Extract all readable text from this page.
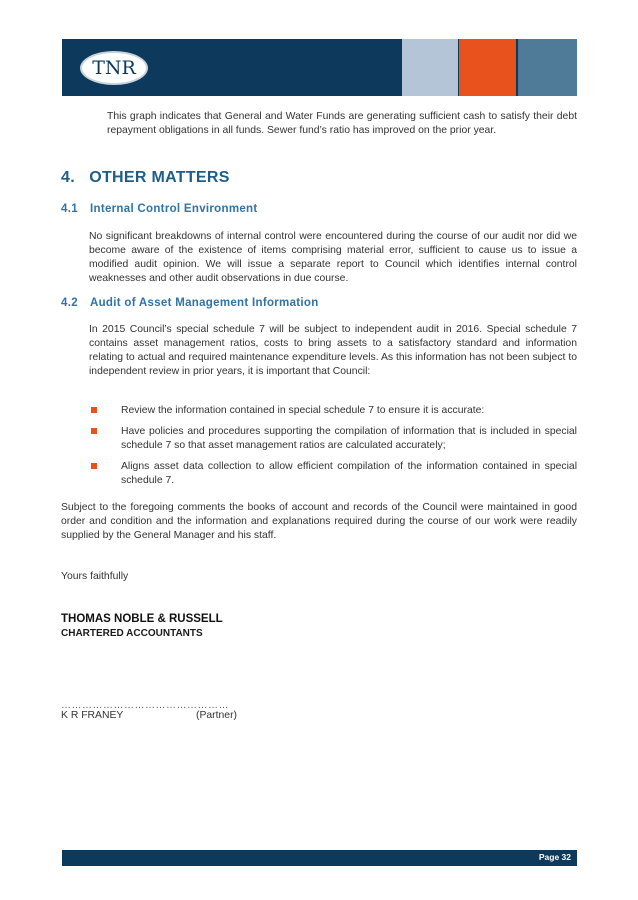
TNR

This graph indicates that General and Water Funds are generating sufficient cash to satisfy their debt repayment obligations in all funds. Sewer fund’s ratio has improved on the prior year.

4. OTHER MATTERS
4.1 Internal Control Environment

No significant breakdowns of internal control were encountered during the course of our audit nor did we become aware of the existence of items comprising material error, sufficient to cause us to issue a modified audit opinion. We will issue a separate report to Council which identifies internal control weaknesses and other audit observations in due course.

4.2 Audit of Asset Management Information

In 2015 Council’s special schedule 7 will be subject to independent audit in 2016. Special schedule 7 contains asset management ratios, costs to bring assets to a satisfactory standard and information relating to actual and required maintenance expenditure levels. As this information has not been subject to independent review in prior years, it is important that Council:

Review the information contained in special schedule 7 to ensure it is accurate:
Have policies and procedures supporting the compilation of information that is included in special schedule 7 so that asset management ratios are calculated accurately;
Aligns asset data collection to allow efficient compilation of the information contained in special schedule 7.

Subject to the foregoing comments the books of account and records of the Council were maintained in good order and condition and the information and explanations required during the course of our work were readily supplied by the General Manager and his staff.

Yours faithfully

THOMAS NOBLE & RUSSELL

CHARTERED ACCOUNTANTS

…………………………………………

K R FRANEY	(Partner)

Page 32
